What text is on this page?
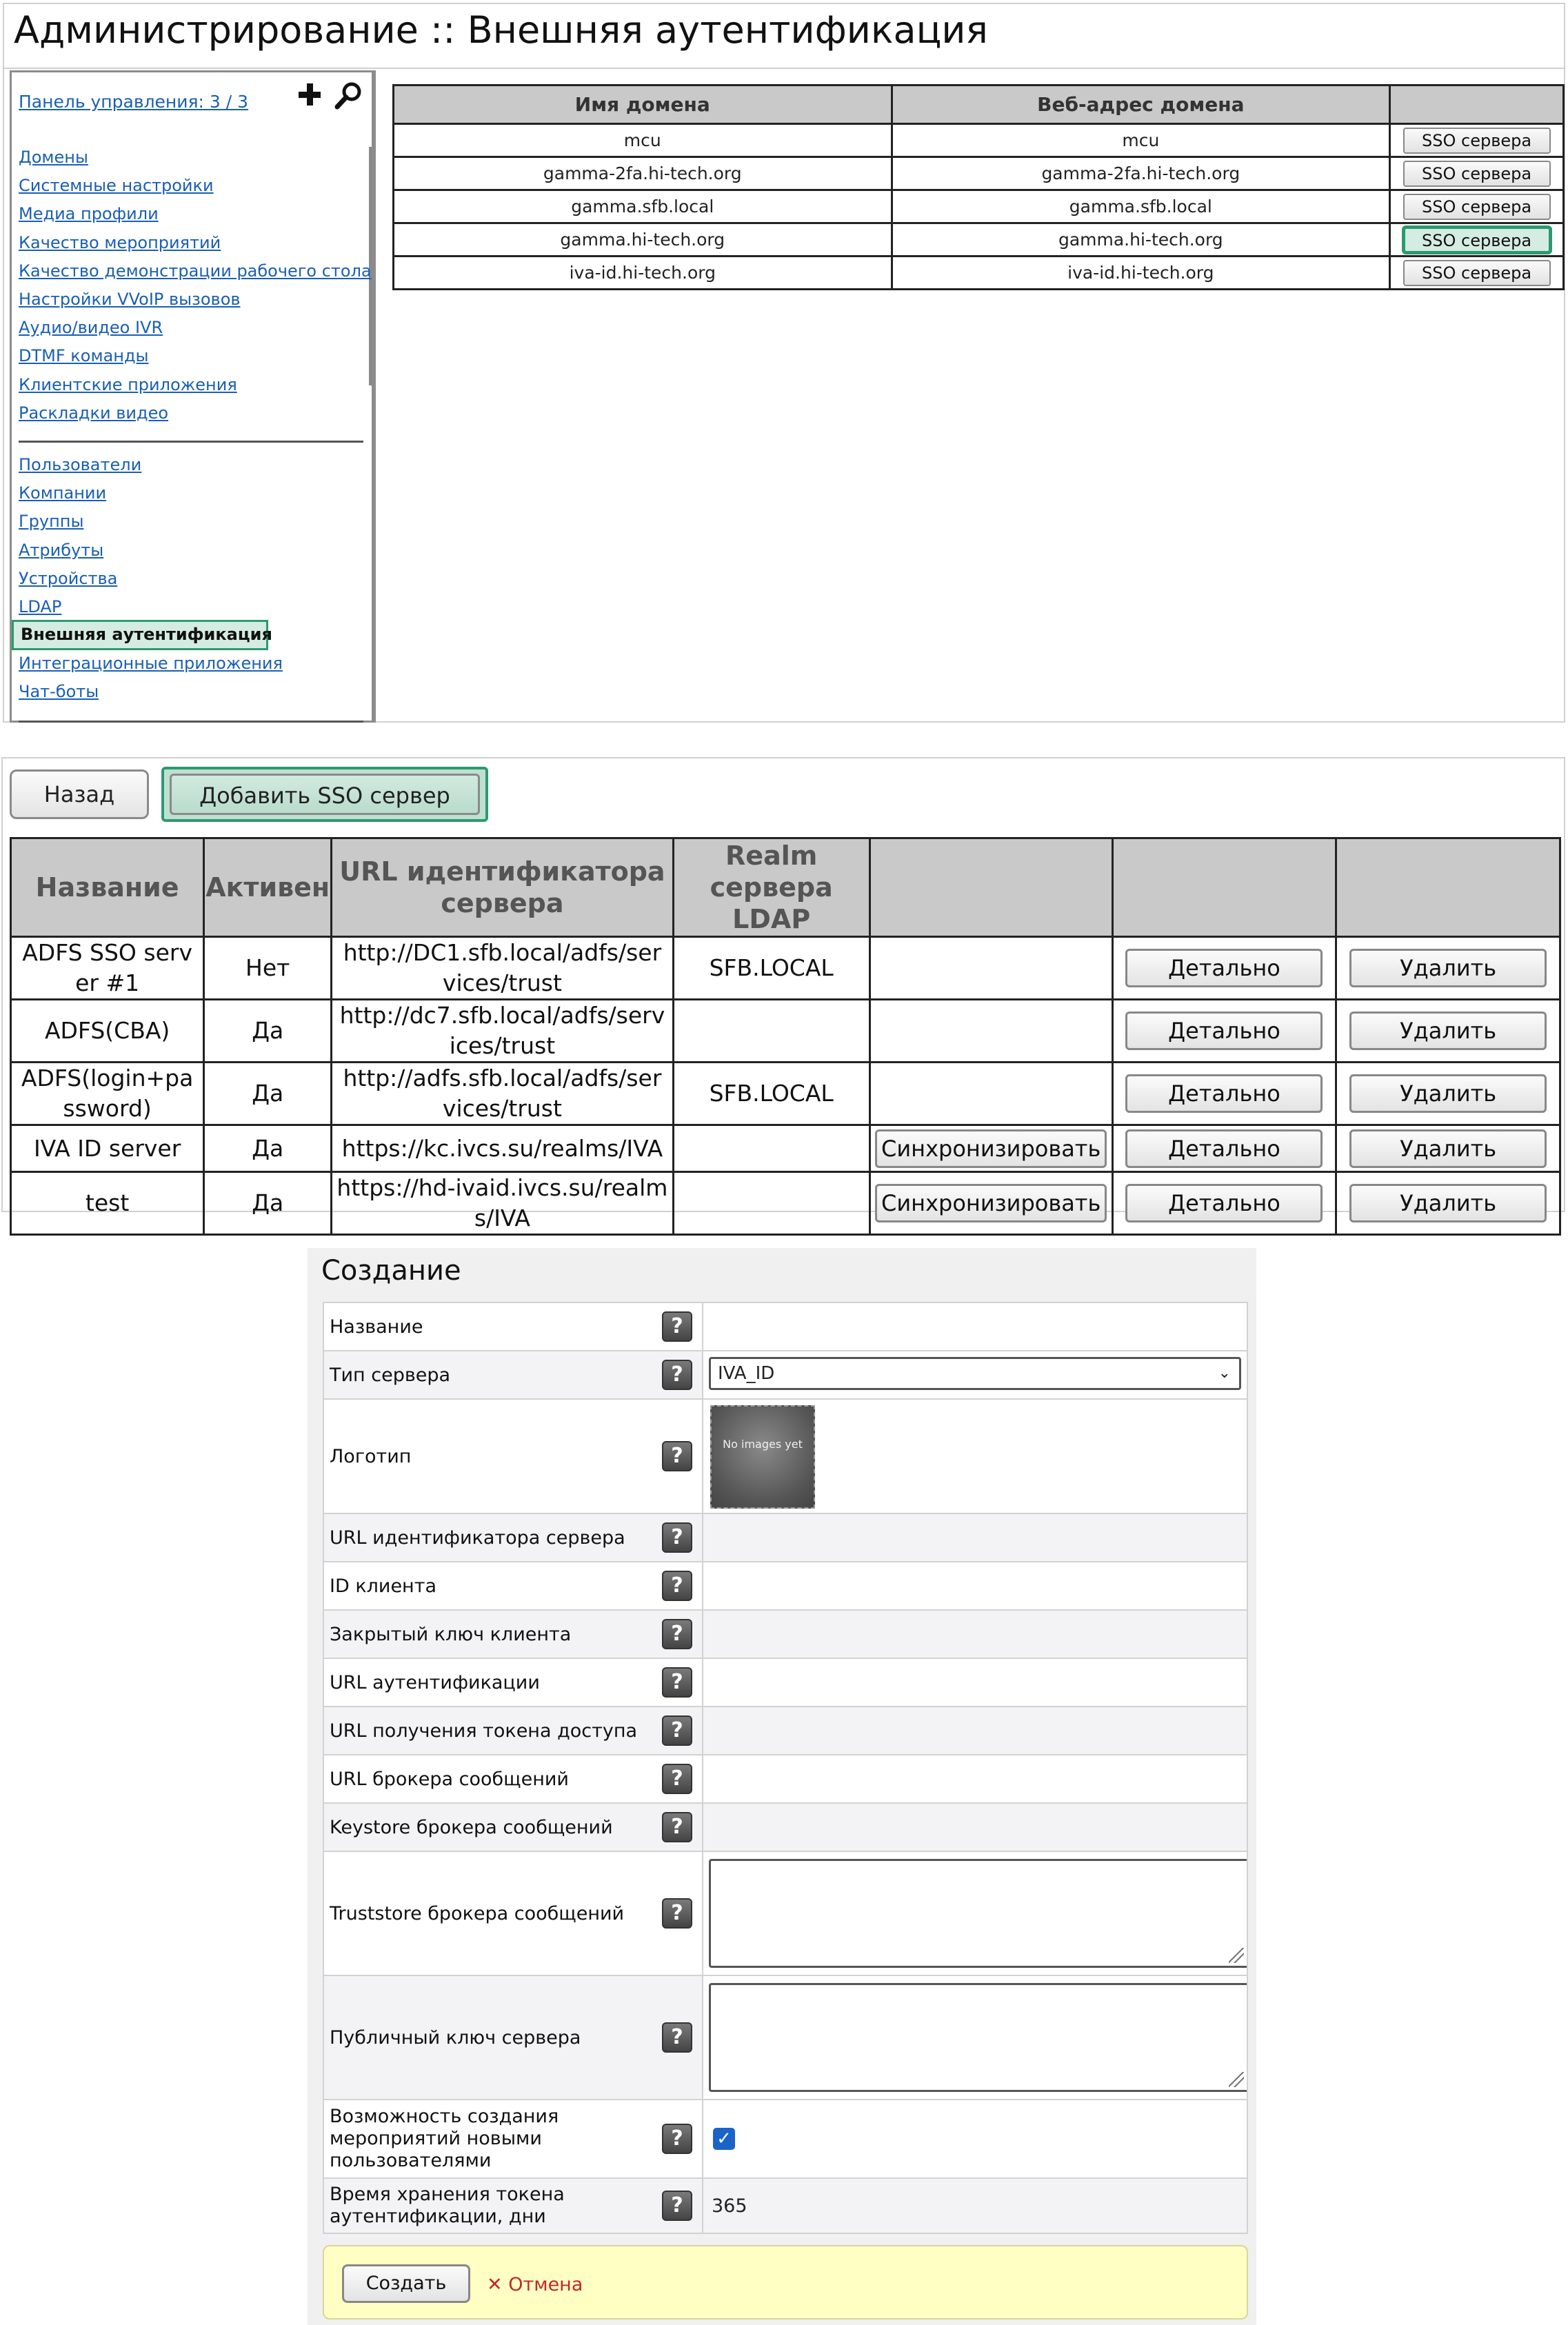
Администрирование :: Внешняя аутентификация
Панель управления: 3 / 3
Внешняя аутентификация
Домены
Системные настройки
Медиа профили
Качество мероприятий
Качество демонстрации рабочего стола
Настройки VVoIP вызовов
Аудио/видео IVR
DTMF команды
Клиентские приложения
Раскладки видео
Пользователи
Компании
Группы
Атрибуты
Устройства
LDAP
Интеграционные приложения
Чат-боты
Имя домена	Веб-адрес домена	
mcu	mcu	SSO сервера
gamma-2fa.hi-tech.org	gamma-2fa.hi-tech.org	SSO сервера
gamma.sfb.local	gamma.sfb.local	SSO сервера
gamma.hi-tech.org	gamma.hi-tech.org	SSO сервера
iva-id.hi-tech.org	iva-id.hi-tech.org	SSO сервера
Назад	Добавить SSO сервер
Название	Активен	URL идентификатора сервера	Realm сервера LDAP			
ADFS SSO server #1	Нет	http://DC1.sfb.local/adfs/services/trust	SFB.LOCAL		Детально	Удалить
ADFS(CBA)	Да	http://dc7.sfb.local/adfs/services/trust			Детально	Удалить
ADFS(login+password)	Да	http://adfs.sfb.local/adfs/services/trust	SFB.LOCAL		Детально	Удалить
IVA ID server	Да	https://kc.ivcs.su/realms/IVA		Синхронизировать	Детально	Удалить
test	Да	https://hd-ivaid.ivcs.su/realms/IVA		Синхронизировать	Детально	Удалить
Создание
Название ?	

Тип сервера ?	IVA_ID ⌄

Логотип ?	No images yet

URL идентификатора сервера ?	

ID клиента ?	

Закрытый ключ клиента ?	

URL аутентификации ?	

URL получения токена доступа ?	

URL брокера сообщений ?	

Keystore брокера сообщений ?	

Truststore брокера сообщений ?	

Публичный ключ сервера ?	

Возможность создания мероприятий новыми пользователями
?	✓

Время хранения токена аутентификации, дни ?	365
Создать	✕ Отмена
